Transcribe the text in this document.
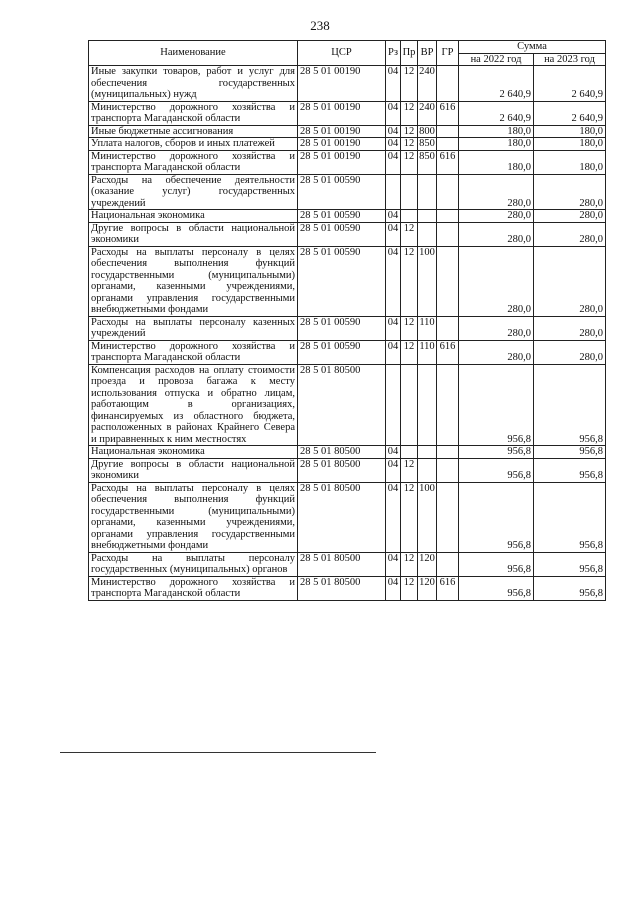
238
Наименование	ЦСР	Рз	Пр	ВР	ГР	Сумма	
						на 2022 год	на 2023 год
Иные закупки товаров, работ и услуг для обеспечения государственных (муниципальных) нужд	28 5 01 00190	04	12	240		2 640,9	2 640,9
Министерство дорожного хозяйства и транспорта Магаданской области	28 5 01 00190	04	12	240	616	2 640,9	2 640,9
Иные бюджетные ассигнования	28 5 01 00190	04	12	800		180,0	180,0
Уплата налогов, сборов и иных платежей	28 5 01 00190	04	12	850		180,0	180,0
Министерство дорожного хозяйства и транспорта Магаданской области	28 5 01 00190	04	12	850	616	180,0	180,0
Расходы на обеспечение деятельности (оказание услуг) государственных учреждений	28 5 01 00590					280,0	280,0
Национальная экономика	28 5 01 00590	04				280,0	280,0
Другие вопросы в области национальной экономики	28 5 01 00590	04	12			280,0	280,0
Расходы на выплаты персоналу в целях обеспечения выполнения функций государственными (муниципальными) органами, казенными учреждениями, органами управления государственными внебюджетными фондами	28 5 01 00590	04	12	100		280,0	280,0
Расходы на выплаты персоналу казенных учреждений	28 5 01 00590	04	12	110		280,0	280,0
Министерство дорожного хозяйства и транспорта Магаданской области	28 5 01 00590	04	12	110	616	280,0	280,0
Компенсация расходов на оплату стоимости проезда и провоза багажа к месту использования отпуска и обратно лицам, работающим в организациях, финансируемых из областного бюджета, расположенных в районах Крайнего Севера и приравненных к ним местностях	28 5 01 80500					956,8	956,8
Национальная экономика	28 5 01 80500	04				956,8	956,8
Другие вопросы в области национальной экономики	28 5 01 80500	04	12			956,8	956,8
Расходы на выплаты персоналу в целях обеспечения выполнения функций государственными (муниципальными) органами, казенными учреждениями, органами управления государственными внебюджетными фондами	28 5 01 80500	04	12	100		956,8	956,8
Расходы на выплаты персоналу государственных (муниципальных) органов	28 5 01 80500	04	12	120		956,8	956,8
Министерство дорожного хозяйства и транспорта Магаданской области	28 5 01 80500	04	12	120	616	956,8	956,8
